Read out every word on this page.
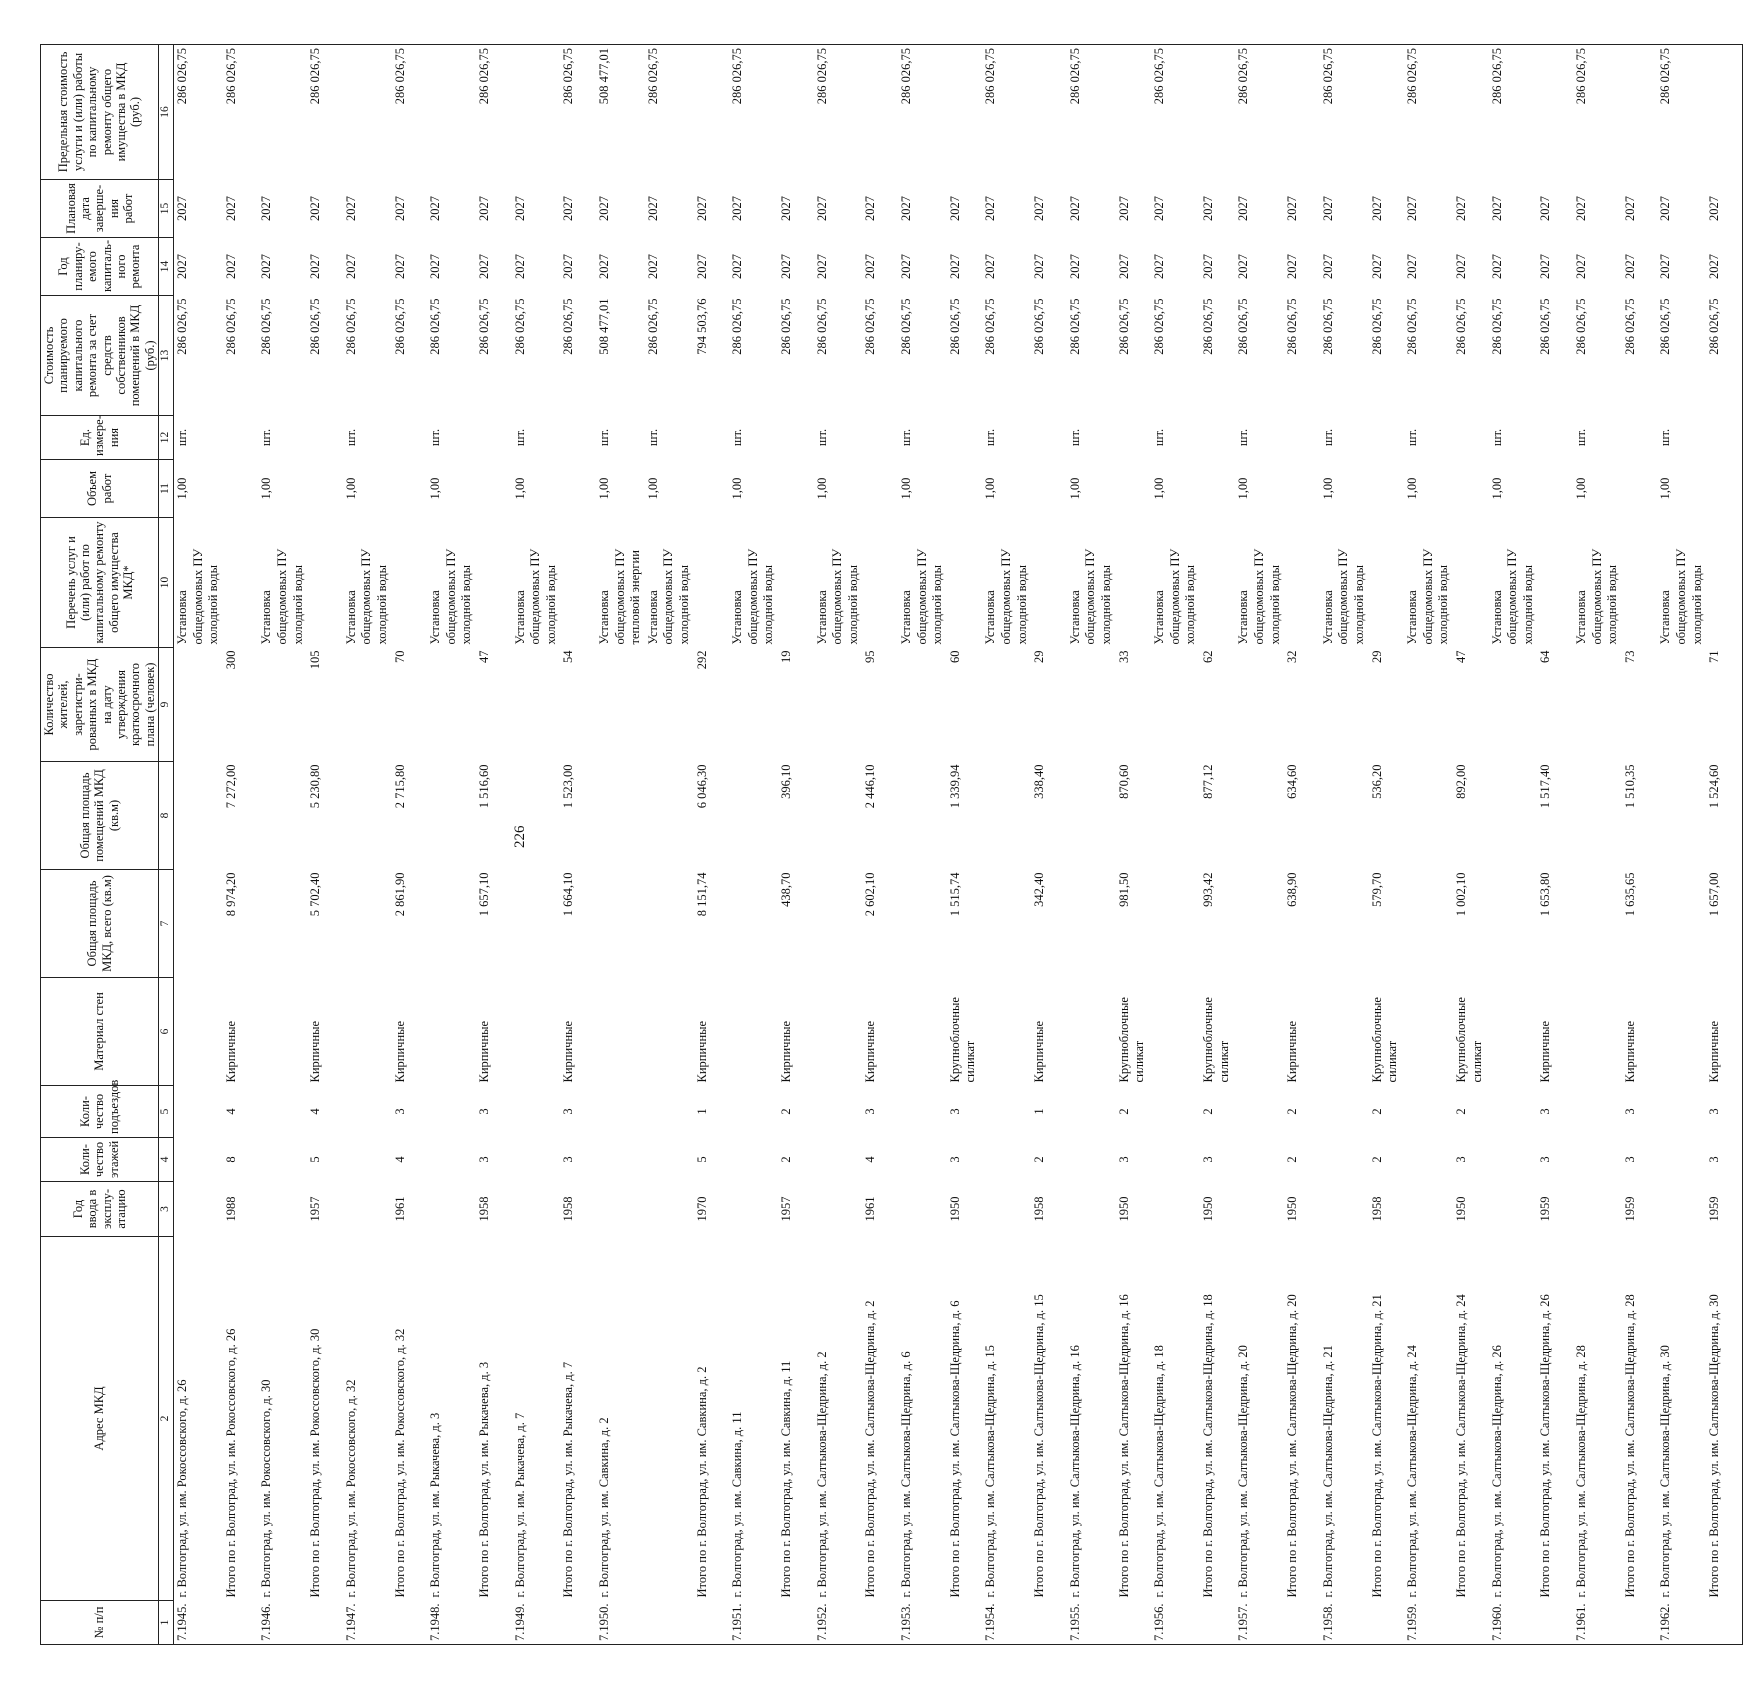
226
№ п/п	Адрес МКД	Год ввода в эксплу-атацию	Коли-чество этажей	Коли-чество подъездов	Материал стен	Общая площадь МКД, всего (кв.м)	Общая площадь помещений МКД (кв.м)	Количество жителей, зарегистри-рованных в МКД на дату утверждения краткосрочного плана (человек)	Перечень услуг и (или) работ по капитальному ремонту общего имущества МКД*	Объем работ	Ед. измере-ния	Стоимость планируемого капитального ремонта за счет средств собственников помещений в МКД (руб.)	Год планиру-емого капиталь-ного ремонта	Плановая дата заверше-ния работ	Предельная стоимость услуги и (или) работы по капитальному ремонту общего имущества в МКД (руб.)
1	2	3	4	5	6	7	8	9	10	11	12	13	14	15	16
7.1945.	г. Волгоград, ул. им. Рокоссовского, д. 26								Установка общедомовых ПУ холодной воды	1,00	шт.	286 026,75	2027	2027	286 026,75
	Итого по г. Волгоград, ул. им. Рокоссовского, д. 26	1988	8	4	Кирпичные	8 974,20	7 272,00	300				286 026,75	2027	2027	286 026,75
7.1946.	г. Волгоград, ул. им. Рокоссовского, д. 30								Установка общедомовых ПУ холодной воды	1,00	шт.	286 026,75	2027	2027	
	Итого по г. Волгоград, ул. им. Рокоссовского, д. 30	1957	5	4	Кирпичные	5 702,40	5 230,80	105				286 026,75	2027	2027	286 026,75
7.1947.	г. Волгоград, ул. им. Рокоссовского, д. 32								Установка общедомовых ПУ холодной воды	1,00	шт.	286 026,75	2027	2027	
	Итого по г. Волгоград, ул. им. Рокоссовского, д. 32	1961	4	3	Кирпичные	2 861,90	2 715,80	70				286 026,75	2027	2027	286 026,75
7.1948.	г. Волгоград, ул. им. Рыкачева, д. 3								Установка общедомовых ПУ холодной воды	1,00	шт.	286 026,75	2027	2027	
	Итого по г. Волгоград, ул. им. Рыкачева, д. 3	1958	3	3	Кирпичные	1 657,10	1 516,60	47				286 026,75	2027	2027	286 026,75
7.1949.	г. Волгоград, ул. им. Рыкачева, д. 7								Установка общедомовых ПУ холодной воды	1,00	шт.	286 026,75	2027	2027	
	Итого по г. Волгоград, ул. им. Рыкачева, д. 7	1958	3	3	Кирпичные	1 664,10	1 523,00	54				286 026,75	2027	2027	286 026,75
7.1950.	г. Волгоград, ул. им. Савкина, д. 2								Установка общедомовых ПУ тепловой энергии	1,00	шт.	508 477,01	2027	2027	508 477,01
									Установка общедомовых ПУ холодной воды	1,00	шт.	286 026,75	2027	2027	286 026,75
	Итого по г. Волгоград, ул. им. Савкина, д. 2	1970	5	1	Кирпичные	8 151,74	6 046,30	292				794 503,76	2027	2027	
7.1951.	г. Волгоград, ул. им. Савкина, д. 11								Установка общедомовых ПУ холодной воды	1,00	шт.	286 026,75	2027	2027	286 026,75
	Итого по г. Волгоград, ул. им. Савкина, д. 11	1957	2	2	Кирпичные	438,70	396,10	19				286 026,75	2027	2027	
7.1952.	г. Волгоград, ул. им. Салтыкова-Щедрина, д. 2								Установка общедомовых ПУ холодной воды	1,00	шт.	286 026,75	2027	2027	286 026,75
	Итого по г. Волгоград, ул. им. Салтыкова-Щедрина, д. 2	1961	4	3	Кирпичные	2 602,10	2 446,10	95				286 026,75	2027	2027	
7.1953.	г. Волгоград, ул. им. Салтыкова-Щедрина, д. 6								Установка общедомовых ПУ холодной воды	1,00	шт.	286 026,75	2027	2027	286 026,75
	Итого по г. Волгоград, ул. им. Салтыкова-Щедрина, д. 6	1950	3	3	Крупноблочные силикат	1 515,74	1 339,94	60				286 026,75	2027	2027	
7.1954.	г. Волгоград, ул. им. Салтыкова-Щедрина, д. 15								Установка общедомовых ПУ холодной воды	1,00	шт.	286 026,75	2027	2027	286 026,75
	Итого по г. Волгоград, ул. им. Салтыкова-Щедрина, д. 15	1958	2	1	Кирпичные	342,40	338,40	29				286 026,75	2027	2027	
7.1955.	г. Волгоград, ул. им. Салтыкова-Щедрина, д. 16								Установка общедомовых ПУ холодной воды	1,00	шт.	286 026,75	2027	2027	286 026,75
	Итого по г. Волгоград, ул. им. Салтыкова-Щедрина, д. 16	1950	3	2	Крупноблочные силикат	981,50	870,60	33				286 026,75	2027	2027	
7.1956.	г. Волгоград, ул. им. Салтыкова-Щедрина, д. 18								Установка общедомовых ПУ холодной воды	1,00	шт.	286 026,75	2027	2027	286 026,75
	Итого по г. Волгоград, ул. им. Салтыкова-Щедрина, д. 18	1950	3	2	Крупноблочные силикат	993,42	877,12	62				286 026,75	2027	2027	
7.1957.	г. Волгоград, ул. им. Салтыкова-Щедрина, д. 20								Установка общедомовых ПУ холодной воды	1,00	шт.	286 026,75	2027	2027	286 026,75
	Итого по г. Волгоград, ул. им. Салтыкова-Щедрина, д. 20	1950	2	2	Кирпичные	638,90	634,60	32				286 026,75	2027	2027	
7.1958.	г. Волгоград, ул. им. Салтыкова-Щедрина, д. 21								Установка общедомовых ПУ холодной воды	1,00	шт.	286 026,75	2027	2027	286 026,75
	Итого по г. Волгоград, ул. им. Салтыкова-Щедрина, д. 21	1958	2	2	Крупноблочные силикат	579,70	536,20	29				286 026,75	2027	2027	
7.1959.	г. Волгоград, ул. им. Салтыкова-Щедрина, д. 24								Установка общедомовых ПУ холодной воды	1,00	шт.	286 026,75	2027	2027	286 026,75
	Итого по г. Волгоград, ул. им. Салтыкова-Щедрина, д. 24	1950	3	2	Крупноблочные силикат	1 002,10	892,00	47				286 026,75	2027	2027	
7.1960.	г. Волгоград, ул. им. Салтыкова-Щедрина, д. 26								Установка общедомовых ПУ холодной воды	1,00	шт.	286 026,75	2027	2027	286 026,75
	Итого по г. Волгоград, ул. им. Салтыкова-Щедрина, д. 26	1959	3	3	Кирпичные	1 653,80	1 517,40	64				286 026,75	2027	2027	
7.1961.	г. Волгоград, ул. им. Салтыкова-Щедрина, д. 28								Установка общедомовых ПУ холодной воды	1,00	шт.	286 026,75	2027	2027	286 026,75
	Итого по г. Волгоград, ул. им. Салтыкова-Щедрина, д. 28	1959	3	3	Кирпичные	1 635,65	1 510,35	73				286 026,75	2027	2027	
7.1962.	г. Волгоград, ул. им. Салтыкова-Щедрина, д. 30								Установка общедомовых ПУ холодной воды	1,00	шт.	286 026,75	2027	2027	286 026,75
	Итого по г. Волгоград, ул. им. Салтыкова-Щедрина, д. 30	1959	3	3	Кирпичные	1 657,00	1 524,60	71				286 026,75	2027	2027	
